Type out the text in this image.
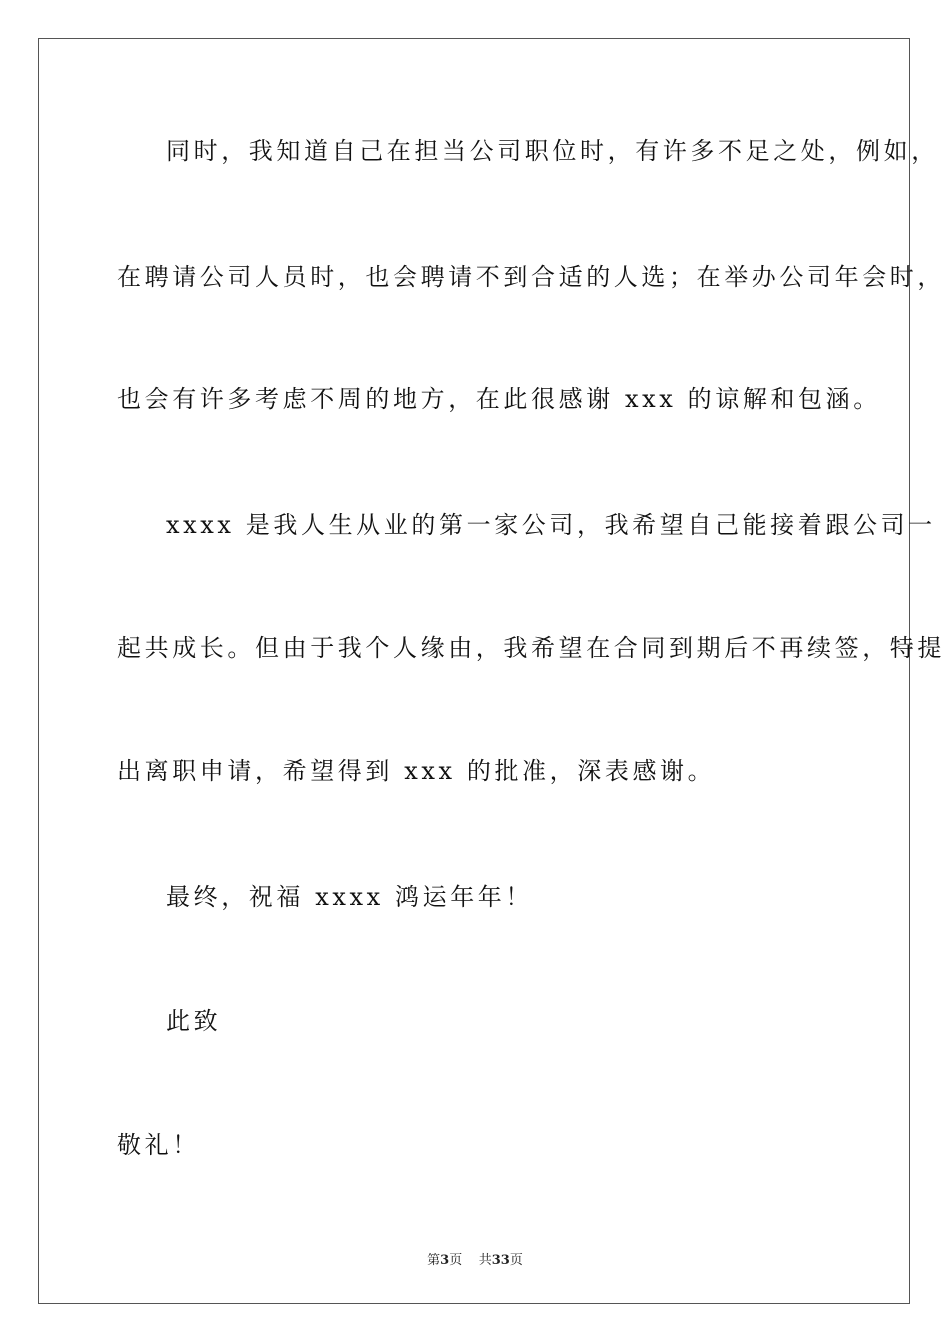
同时，我知道自己在担当公司职位时，有许多不足之处，例如，
在聘请公司人员时，也会聘请不到合适的人选；在举办公司年会时，
也会有许多考虑不周的地方，在此很感谢 xxx 的谅解和包涵。
xxxx 是我人生从业的第一家公司，我希望自己能接着跟公司一
起共成长。但由于我个人缘由，我希望在合同到期后不再续签，特提
出离职申请，希望得到 xxx 的批准，深表感谢。
最终，祝福 xxxx 鸿运年年！
此致
敬礼！
第3页 共33页
